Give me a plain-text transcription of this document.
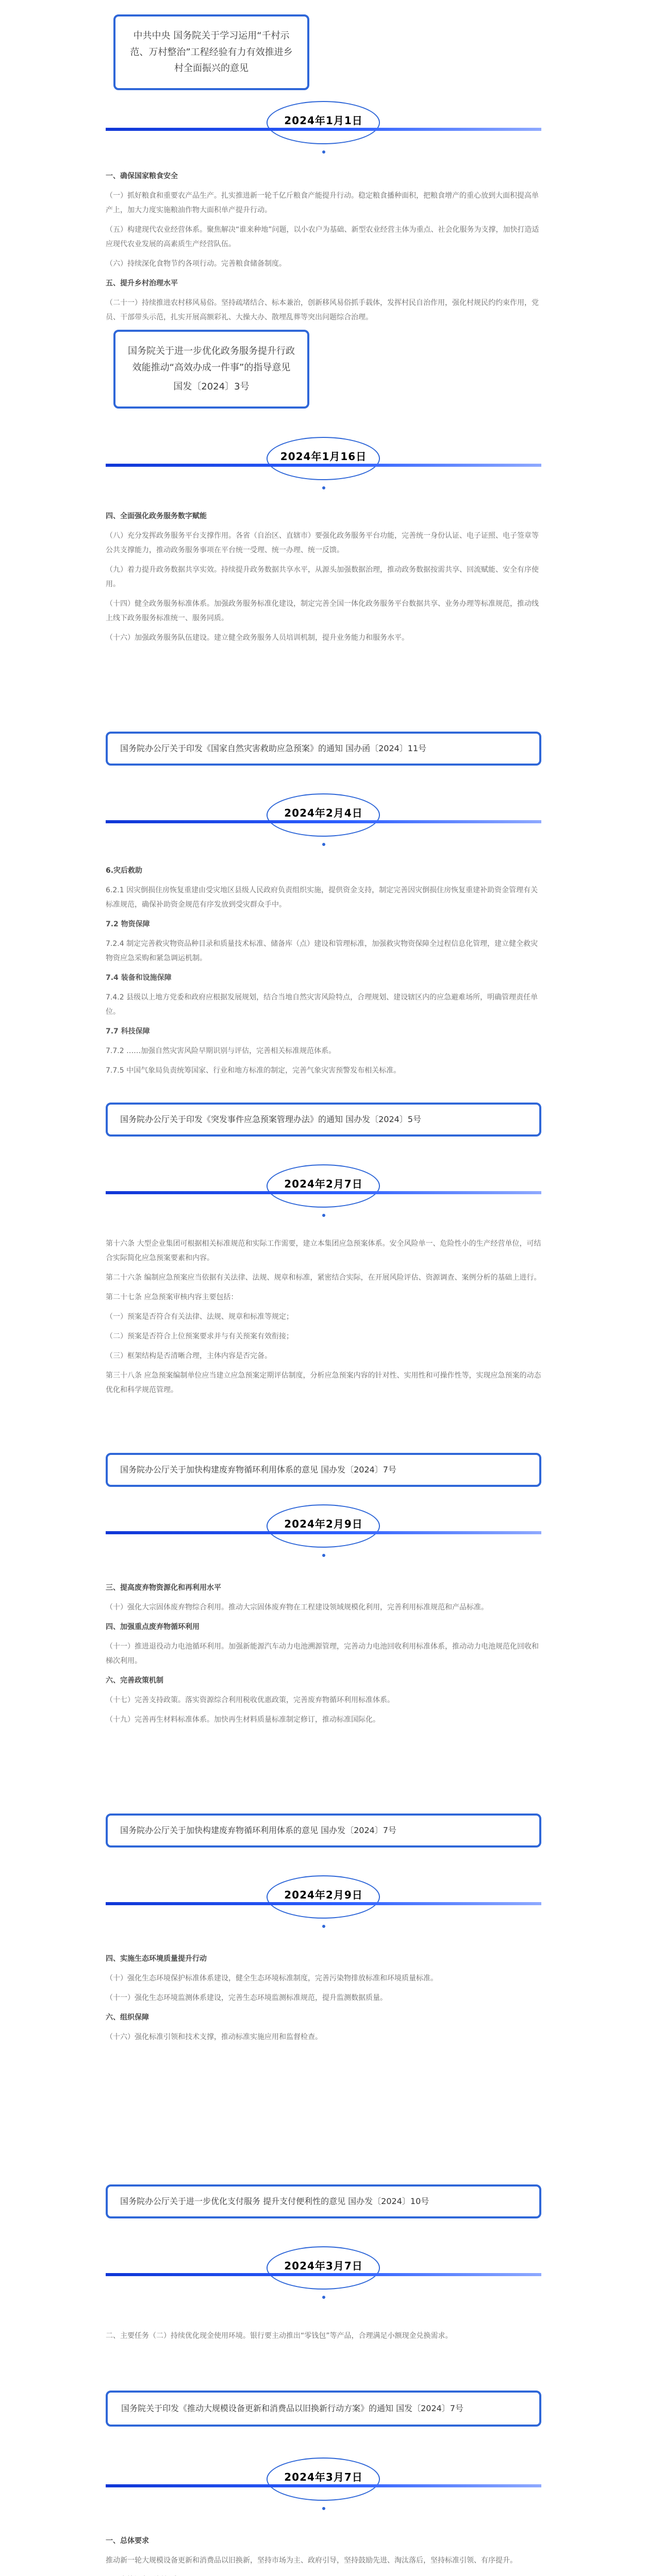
中共中央 国务院关于学习运用“千村示范、万村整治”工程经验有力有效推进乡村全面振兴的意见
2024年1月1日

一、确保国家粮食安全

（一）抓好粮食和重要农产品生产。扎实推进新一轮千亿斤粮食产能提升行动。稳定粮食播种面积，把粮食增产的重心放到大面积提高单产上，加大力度实施粮油作物大面积单产提升行动。

（五）构建现代农业经营体系。聚焦解决“谁来种地”问题，以小农户为基础、新型农业经营主体为重点、社会化服务为支撑，加快打造适应现代农业发展的高素质生产经营队伍。

（六）持续深化食物节约各项行动。完善粮食储备制度。

五、提升乡村治理水平

（二十一）持续推进农村移风易俗。坚持疏堵结合、标本兼治，创新移风易俗抓手载体，发挥村民自治作用，强化村规民约约束作用，党员、干部带头示范，扎实开展高额彩礼、大操大办、散埋乱葬等突出问题综合治理。

国务院关于进一步优化政务服务提升行政效能推动“高效办成一件事”的指导意见
国发〔2024〕3号
2024年1月16日

四、全面强化政务服务数字赋能

（八）充分发挥政务服务平台支撑作用。各省（自治区、直辖市）要强化政务服务平台功能，完善统一身份认证、电子证照、电子签章等公共支撑能力，推动政务服务事项在平台统一受理、统一办理、统一反馈。

（九）着力提升政务数据共享实效。持续提升政务数据共享水平，从源头加强数据治理，推动政务数据按需共享、回流赋能、安全有序使用。

（十四）健全政务服务标准体系。加强政务服务标准化建设，制定完善全国一体化政务服务平台数据共享、业务办理等标准规范，推动线上线下政务服务标准统一、服务同质。

（十六）加强政务服务队伍建设。建立健全政务服务人员培训机制，提升业务能力和服务水平。

国务院办公厅关于印发《国家自然灾害救助应急预案》的通知 国办函〔2024〕11号
2024年2月4日

6.灾后救助

6.2.1 因灾倒损住房恢复重建由受灾地区县级人民政府负责组织实施，提供资金支持，制定完善因灾倒损住房恢复重建补助资金管理有关标准规范，确保补助资金规范有序发放到受灾群众手中。

7.2 物资保障

7.2.4 制定完善救灾物资品种目录和质量技术标准、储备库（点）建设和管理标准，加强救灾物资保障全过程信息化管理，建立健全救灾物资应急采购和紧急调运机制。

7.4 装备和设施保障

7.4.2 县级以上地方党委和政府应根据发展规划，结合当地自然灾害风险特点，合理规划、建设辖区内的应急避难场所，明确管理责任单位。

7.7 科技保障

7.7.2 ……加强自然灾害风险早期识别与评估，完善相关标准规范体系。

7.7.5 中国气象局负责统筹国家、行业和地方标准的制定，完善气象灾害预警发布相关标准。

国务院办公厅关于印发《突发事件应急预案管理办法》的通知 国办发〔2024〕5号
2024年2月7日

第十六条 大型企业集团可根据相关标准规范和实际工作需要，建立本集团应急预案体系。安全风险单一、危险性小的生产经营单位，可结合实际简化应急预案要素和内容。

第二十六条 编制应急预案应当依据有关法律、法规、规章和标准，紧密结合实际，在开展风险评估、资源调查、案例分析的基础上进行。

第二十七条 应急预案审核内容主要包括：

（一）预案是否符合有关法律、法规、规章和标准等规定；

（二）预案是否符合上位预案要求并与有关预案有效衔接；

（三）框架结构是否清晰合理，主体内容是否完备。

第三十八条 应急预案编制单位应当建立应急预案定期评估制度，分析应急预案内容的针对性、实用性和可操作性等，实现应急预案的动态优化和科学规范管理。

国务院办公厅关于加快构建废弃物循环利用体系的意见 国办发〔2024〕7号
2024年2月9日

三、提高废弃物资源化和再利用水平

（十）强化大宗固体废弃物综合利用。推动大宗固体废弃物在工程建设领域规模化利用，完善利用标准规范和产品标准。

四、加强重点废弃物循环利用

（十一）推进退役动力电池循环利用。加强新能源汽车动力电池溯源管理，完善动力电池回收利用标准体系，推动动力电池规范化回收和梯次利用。

六、完善政策机制

（十七）完善支持政策。落实资源综合利用税收优惠政策，完善废弃物循环利用标准体系。

（十九）完善再生材料标准体系。加快再生材料质量标准制定修订，推动标准国际化。

国务院办公厅关于加快构建废弃物循环利用体系的意见 国办发〔2024〕7号
2024年2月9日

四、实施生态环境质量提升行动

（十）强化生态环境保护标准体系建设，健全生态环境标准制度，完善污染物排放标准和环境质量标准。

（十一）强化生态环境监测体系建设，完善生态环境监测标准规范，提升监测数据质量。

六、组织保障

（十六）强化标准引领和技术支撑，推动标准实施应用和监督检查。

国务院办公厅关于进一步优化支付服务 提升支付便利性的意见 国办发〔2024〕10号
2024年3月7日

二、主要任务（二）持续优化现金使用环境。银行要主动推出“零钱包”等产品，合理满足小额现金兑换需求。

国务院关于印发《推动大规模设备更新和消费品以旧换新行动方案》的通知 国发〔2024〕7号
2024年3月7日

一、总体要求

推动新一轮大规模设备更新和消费品以旧换新，坚持市场为主、政府引导，坚持鼓励先进、淘汰落后，坚持标准引领、有序提升。
